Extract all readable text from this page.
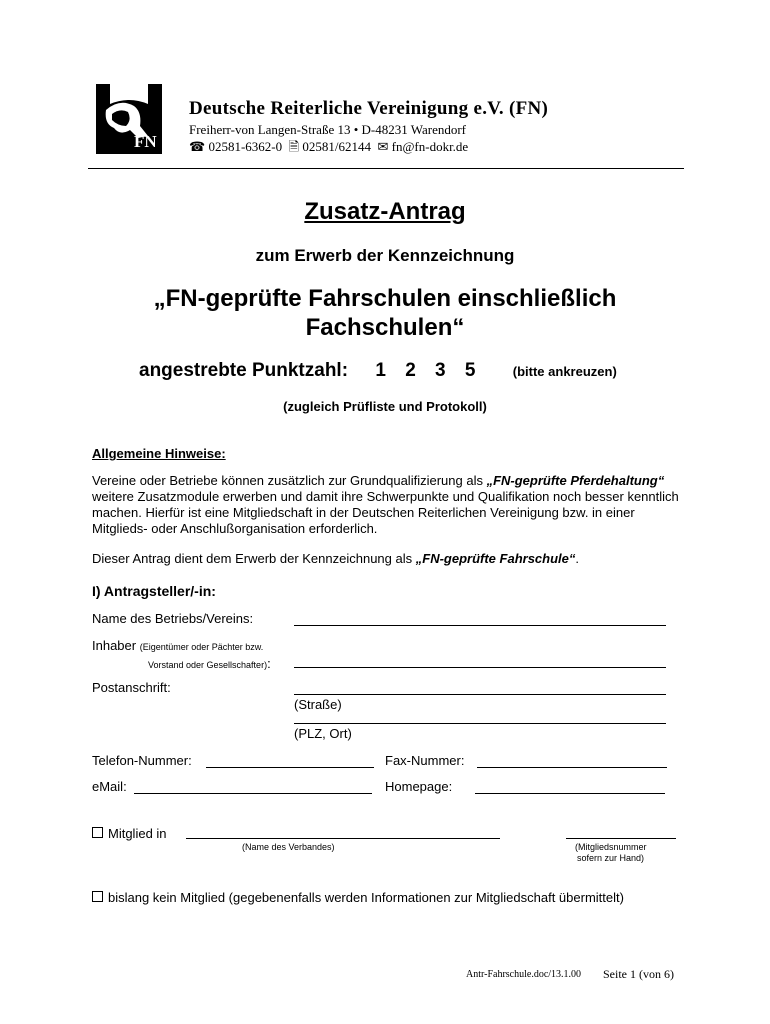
FN
Deutsche Reiterliche Vereinigung e.V. (FN)
Freiherr-von Langen-Straße 13 • D-48231 Warendorf
☎ 02581-6362-0 🗎 02581/62144 ✉ fn@fn-dokr.de
Zusatz-Antrag
zum Erwerb der Kennzeichnung
„FN-geprüfte Fahrschulen einschließlich
Fachschulen“
angestrebte Punktzahl: 1 2 3 5	(bitte ankreuzen)
(zugleich Prüfliste und Protokoll)
Allgemeine Hinweise:
Vereine oder Betriebe können zusätzlich zur Grundqualifizierung als „FN-geprüfte Pferdehaltung“ weitere Zusatzmodule erwerben und damit ihre Schwerpunkte und Qualifikation noch besser kenntlich machen. Hierfür ist eine Mitgliedschaft in der Deutschen Reiterlichen Vereinigung bzw. in einer Mitglieds- oder Anschlußorganisation erforderlich.
Dieser Antrag dient dem Erwerb der Kennzeichnung als „FN-geprüfte Fahrschule“.
I) Antragsteller/-in:
Name des Betriebs/Vereins:
Inhaber (Eigentümer oder Pächter bzw.
Vorstand oder Gesellschafter):
Postanschrift:
(Straße)
(PLZ, Ort)
Telefon-Nummer:	Fax-Nummer:
eMail:	Homepage:
Mitglied in
(Name des Verbandes)	(Mitgliedsnummer
sofern zur Hand)
bislang kein Mitglied (gegebenenfalls werden Informationen zur Mitgliedschaft übermittelt)
Antr-Fahrschule.doc/13.1.00 Seite 1 (von 6)
